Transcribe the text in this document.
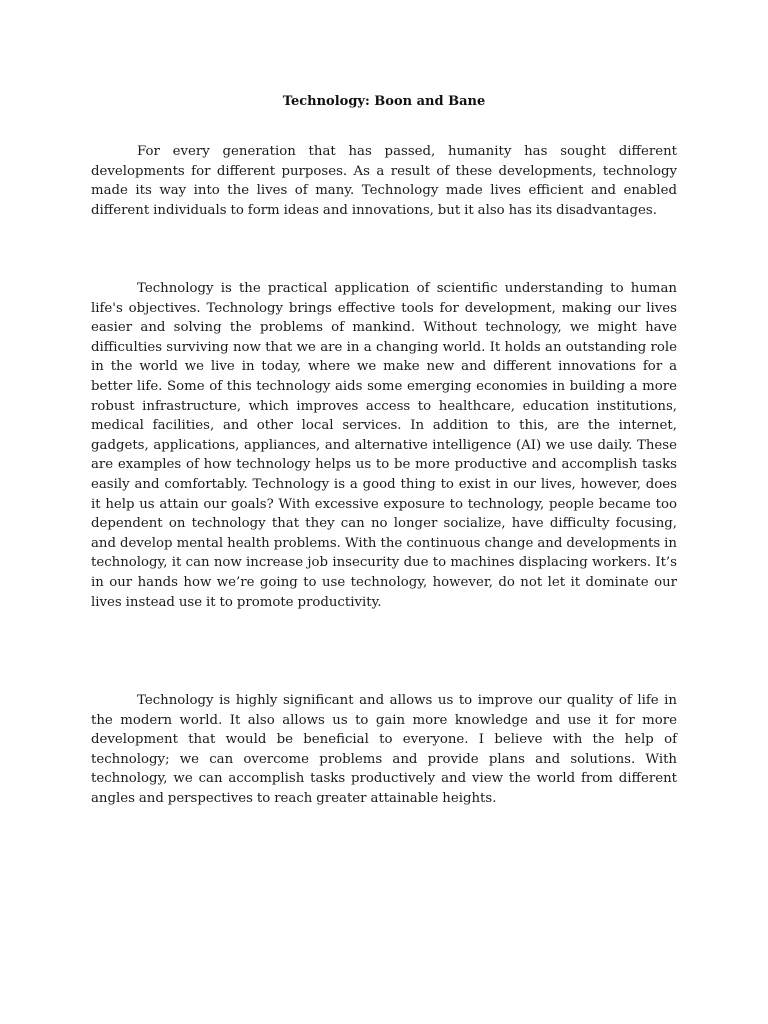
Technology: Boon and Bane

For every generation that has passed, humanity has sought different developments for different purposes. As a result of these developments, technology made its way into the lives of many. Technology made lives efficient and enabled different individuals to form ideas and innovations, but it also has its disadvantages.

Technology is the practical application of scientific understanding to human life's objectives. Technology brings effective tools for development, making our lives easier and solving the problems of mankind. Without technology, we might have difficulties surviving now that we are in a changing world. It holds an outstanding role in the world we live in today, where we make new and different innovations for a better life. Some of this technology aids some emerging economies in building a more robust infrastructure, which improves access to healthcare, education institutions, medical facilities, and other local services. In addition to this, are the internet, gadgets, applications, appliances, and alternative intelligence (AI) we use daily. These are examples of how technology helps us to be more productive and accomplish tasks easily and comfortably. Technology is a good thing to exist in our lives, however, does it help us attain our goals? With excessive exposure to technology, people became too dependent on technology that they can no longer socialize, have difficulty focusing, and develop mental health problems. With the continuous change and developments in technology, it can now increase job insecurity due to machines displacing workers. It’s in our hands how we’re going to use technology, however, do not let it dominate our lives instead use it to promote productivity.

Technology is highly significant and allows us to improve our quality of life in the modern world. It also allows us to gain more knowledge and use it for more development that would be beneficial to everyone. I believe with the help of technology; we can overcome problems and provide plans and solutions. With technology, we can accomplish tasks productively and view the world from different angles and perspectives to reach greater attainable heights.
